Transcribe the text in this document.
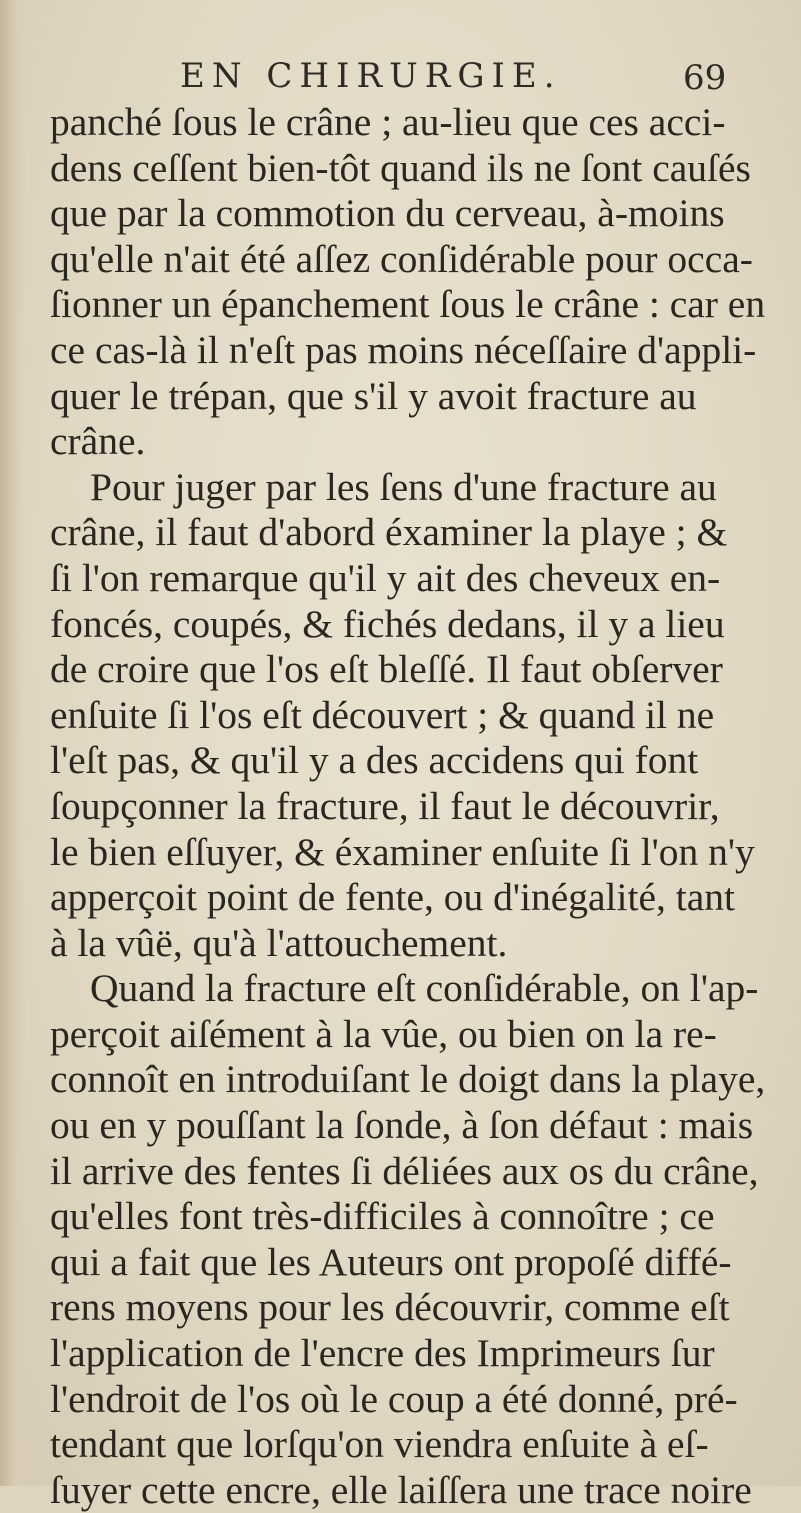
EN CHIRURGIE.	69
panché ſous le crâne ; au-lieu que ces acci-
dens ceſſent bien-tôt quand ils ne ſont cauſés
que par la commotion du cerveau, à-moins
qu'elle n'ait été aſſez conſidérable pour occa-
ſionner un épanchement ſous le crâne : car en
ce cas-là il n'eſt pas moins néceſſaire d'appli-
quer le trépan, que s'il y avoit fracture au
crâne.
Pour juger par les ſens d'une fracture au
crâne, il faut d'abord éxaminer la playe ; &
ſi l'on remarque qu'il y ait des cheveux en-
foncés, coupés, & fichés dedans, il y a lieu
de croire que l'os eſt bleſſé. Il faut obſerver
enſuite ſi l'os eſt découvert ; & quand il ne
l'eſt pas, & qu'il y a des accidens qui font
ſoupçonner la fracture, il faut le découvrir,
le bien eſſuyer, & éxaminer enſuite ſi l'on n'y
apperçoit point de fente, ou d'inégalité, tant
à la vûë, qu'à l'attouchement.
Quand la fracture eſt conſidérable, on l'ap-
perçoit aiſément à la vûe, ou bien on la re-
connoît en introduiſant le doigt dans la playe,
ou en y pouſſant la ſonde, à ſon défaut : mais
il arrive des fentes ſi déliées aux os du crâne,
qu'elles font très-difficiles à connoître ; ce
qui a fait que les Auteurs ont propoſé diffé-
rens moyens pour les découvrir, comme eſt
l'application de l'encre des Imprimeurs ſur
l'endroit de l'os où le coup a été donné, pré-
tendant que lorſqu'on viendra enſuite à eſ-
ſuyer cette encre, elle laiſſera une trace noire
